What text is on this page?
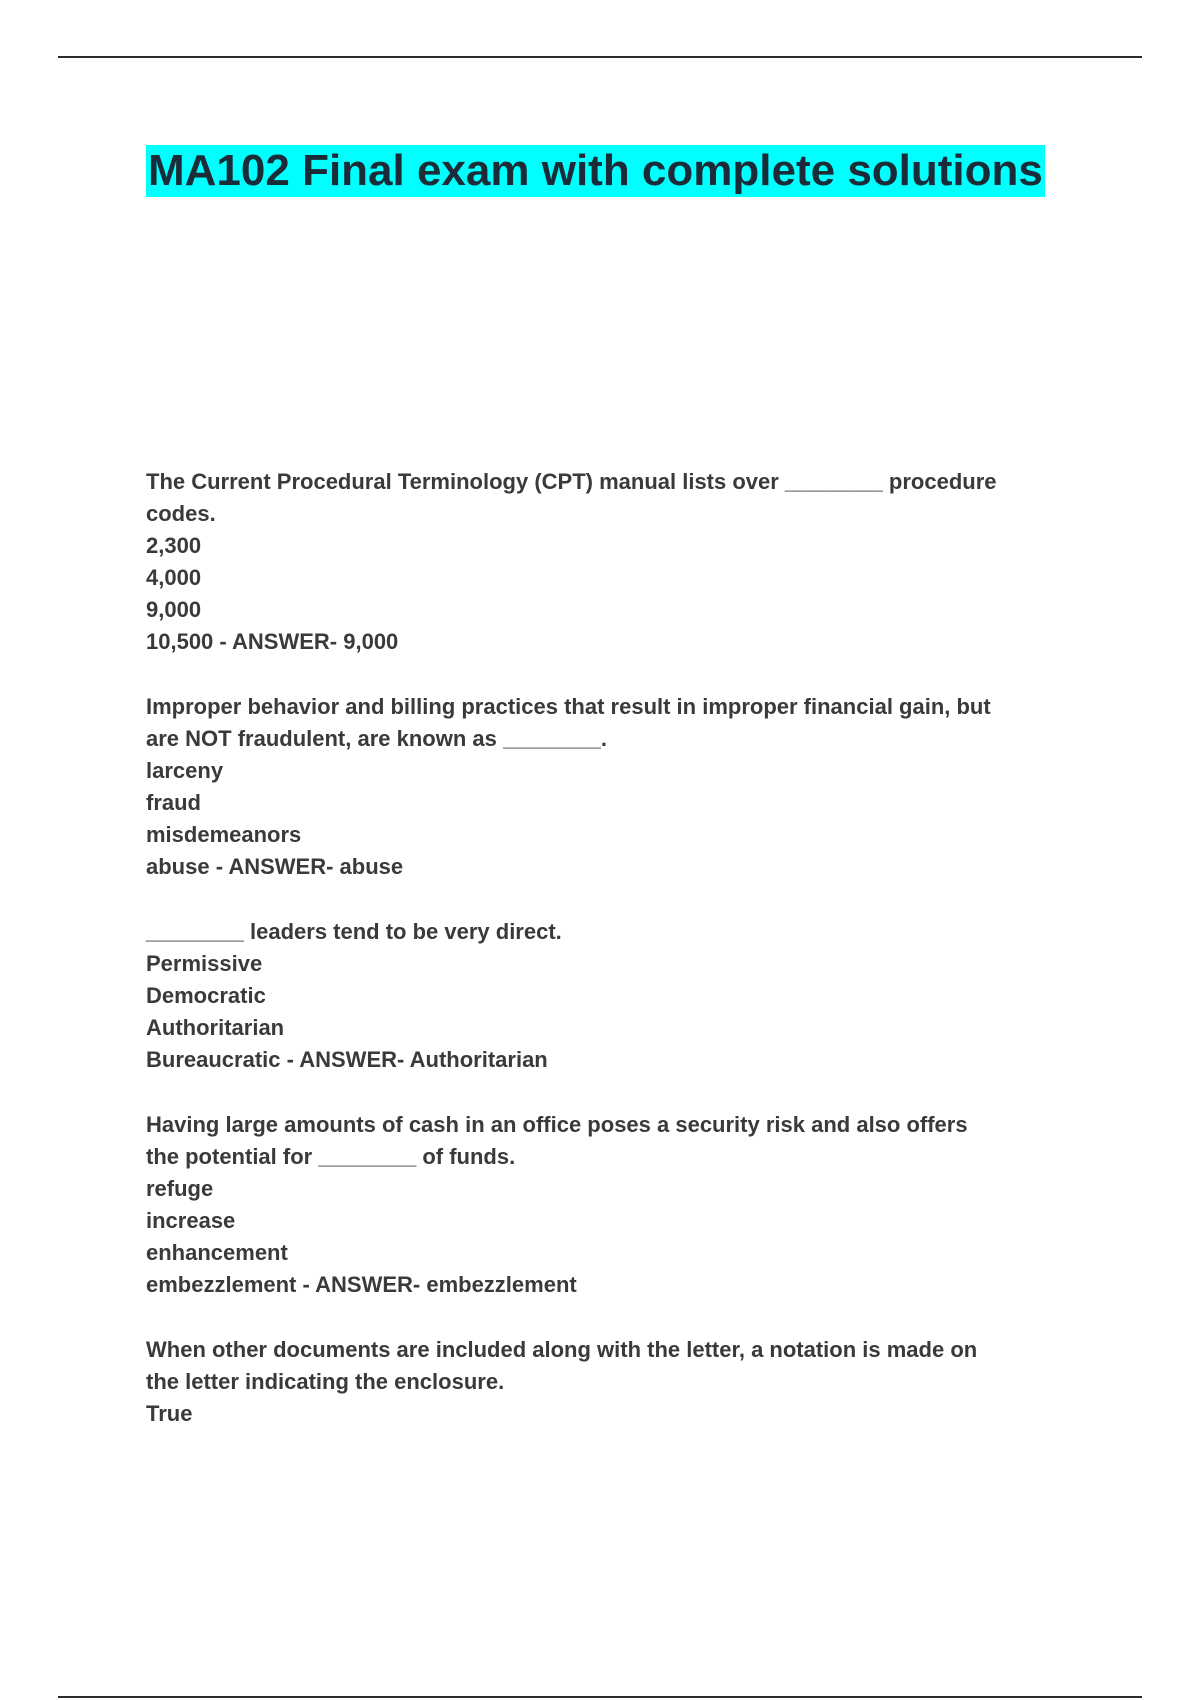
MA102 Final exam with complete solutions
The Current Procedural Terminology (CPT) manual lists over ________ procedure
codes.
2,300
4,000
9,000
10,500 - ANSWER- 9,000
Improper behavior and billing practices that result in improper financial gain, but
are NOT fraudulent, are known as ________.
larceny
fraud
misdemeanors
abuse - ANSWER- abuse
________ leaders tend to be very direct.
Permissive
Democratic
Authoritarian
Bureaucratic - ANSWER- Authoritarian
Having large amounts of cash in an office poses a security risk and also offers
the potential for ________ of funds.
refuge
increase
enhancement
embezzlement - ANSWER- embezzlement
When other documents are included along with the letter, a notation is made on
the letter indicating the enclosure.
True
